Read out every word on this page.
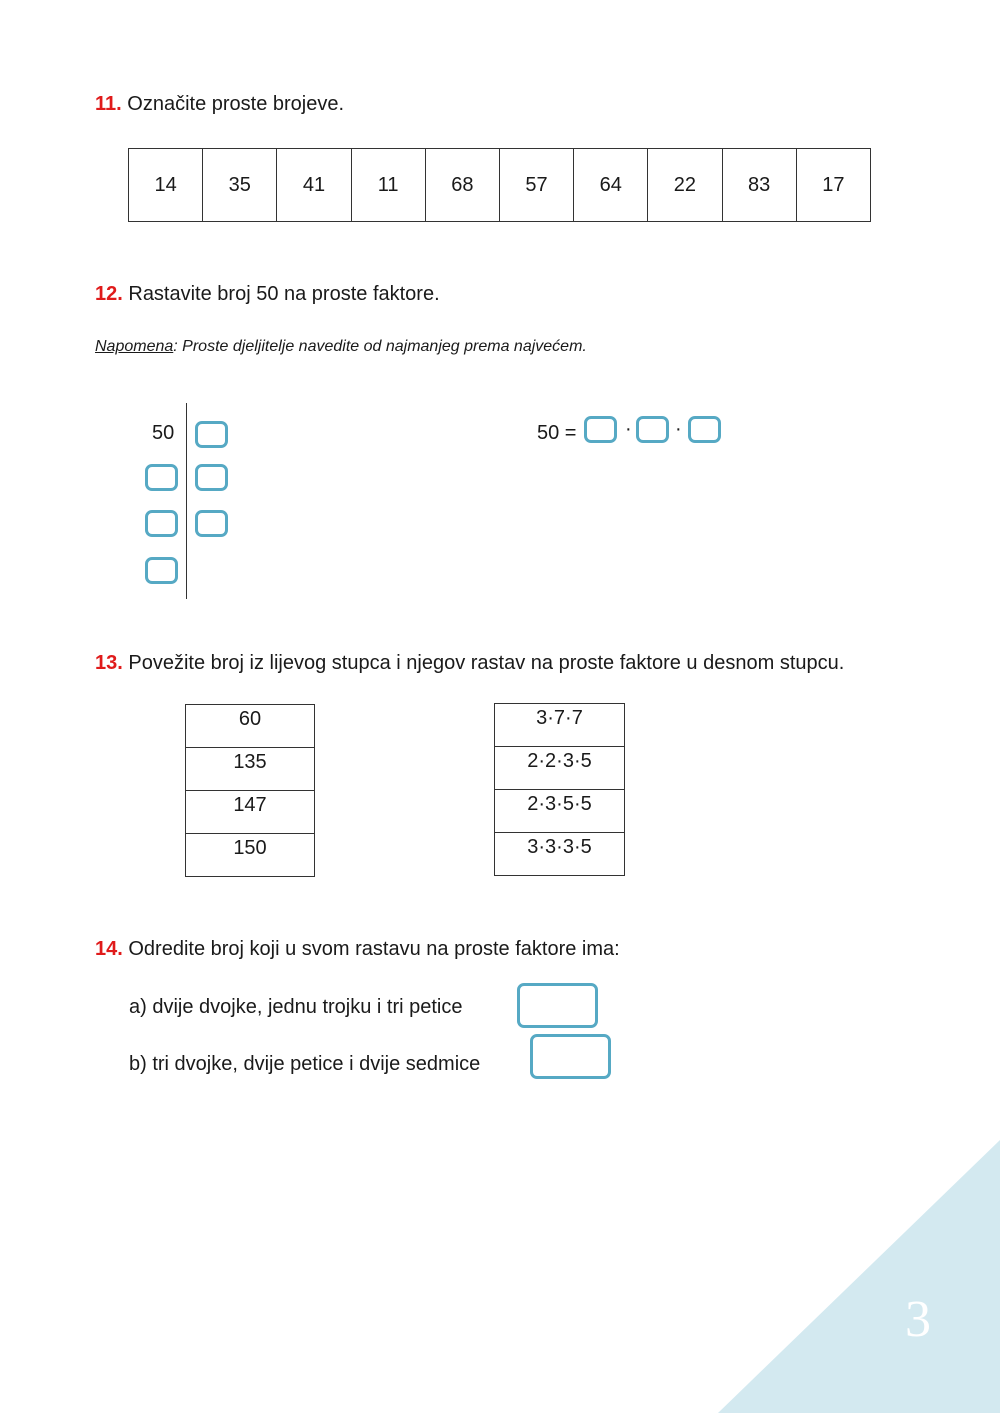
11. Označite proste brojeve.
14	35	41	11	68	57	64	22	83	17
12. Rastavite broj 50 na proste faktore.
Napomena: Proste djeljitelje navedite od najmanjeg prema najvećem.
50	50 = · ·
13. Povežite broj iz lijevog stupca i njegov rastav na proste faktore u desnom stupcu.
60
135
147
150
3·7·7
2·2·3·5
2·3·5·5
3·3·3·5
14. Odredite broj koji u svom rastavu na proste faktore ima:
a) dvije dvojke, jednu trojku i tri petice
b) tri dvojke, dvije petice i dvije sedmice
3
